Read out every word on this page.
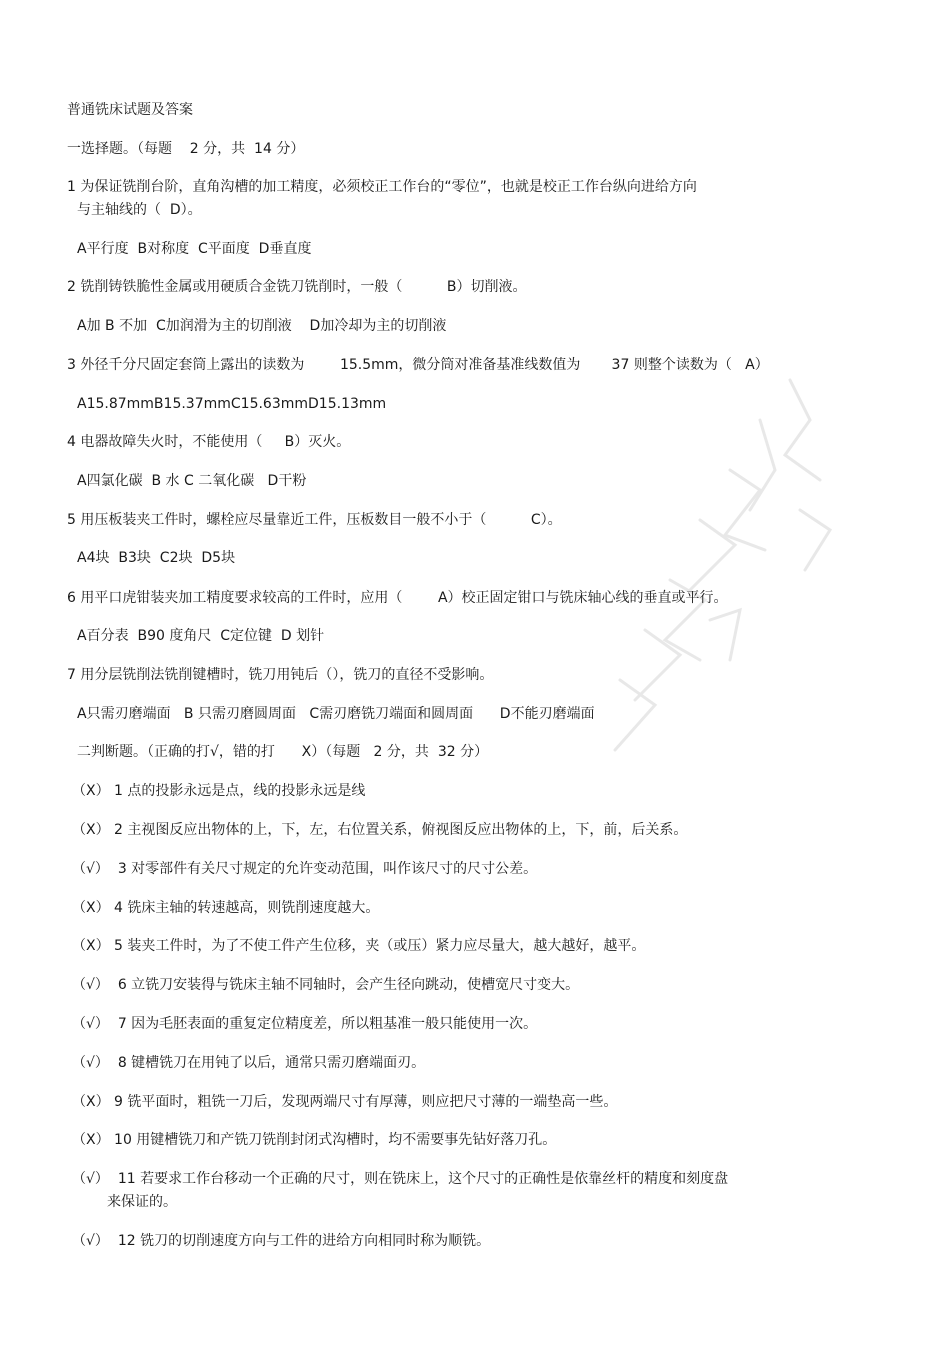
普通铣床试题及答案
一选择题。（每题    2 分，共  14 分）
1 为保证铣削台阶，直角沟槽的加工精度，必须校正工作台的“零位”，也就是校正工作台纵向进给方向
与主轴线的（  D）。
A平行度  B对称度  C平面度  D垂直度
2 铣削铸铁脆性金属或用硬质合金铣刀铣削时，一般（          B）切削液。
A加 B 不加  C加润滑为主的切削液    D加冷却为主的切削液
3 外径千分尺固定套筒上露出的读数为        15.5mm，微分筒对准备基准线数值为       37 则整个读数为（   A）
A15.87mmB15.37mmC15.63mmD15.13mm
4 电器故障失火时，不能使用（     B）灭火。
A四氯化碳  B 水 C 二氧化碳   D干粉
5 用压板装夹工件时，螺栓应尽量靠近工件，压板数目一般不小于（          C）。
A4块  B3块  C2块  D5块
6 用平口虎钳装夹加工精度要求较高的工件时，应用（        A）校正固定钳口与铣床轴心线的垂直或平行。
A百分表  B90 度角尺  C定位键  D 划针
7 用分层铣削法铣削键槽时，铣刀用钝后（），铣刀的直径不受影响。
A只需刃磨端面   B 只需刃磨圆周面   C需刃磨铣刀端面和圆周面      D不能刃磨端面
二判断题。（正确的打√，错的打      X）（每题   2 分，共  32 分）
（X） 1 点的投影永远是点，线的投影永远是线
（X） 2 主视图反应出物体的上，下，左，右位置关系，俯视图反应出物体的上，下，前，后关系。
（√）  3 对零部件有关尺寸规定的允许变动范围，叫作该尺寸的尺寸公差。
（X） 4 铣床主轴的转速越高，则铣削速度越大。
（X） 5 装夹工件时，为了不使工件产生位移，夹（或压）紧力应尽量大，越大越好，越平。
（√）  6 立铣刀安装得与铣床主轴不同轴时，会产生径向跳动，使槽宽尺寸变大。
（√）  7 因为毛胚表面的重复定位精度差，所以粗基准一般只能使用一次。
（√）  8 键槽铣刀在用钝了以后，通常只需刃磨端面刃。
（X） 9 铣平面时，粗铣一刀后，发现两端尺寸有厚薄，则应把尺寸薄的一端垫高一些。
（X） 10 用键槽铣刀和产铣刀铣削封闭式沟槽时，均不需要事先钻好落刀孔。
（√）  11 若要求工作台移动一个正确的尺寸，则在铣床上，这个尺寸的正确性是依靠丝杆的精度和刻度盘
来保证的。
（√）  12 铣刀的切削速度方向与工件的进给方向相同时称为顺铣。
